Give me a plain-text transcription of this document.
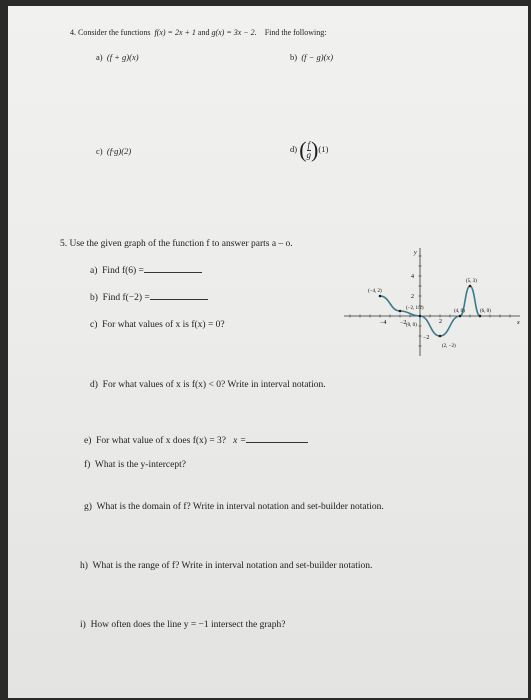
4. Consider the functions f(x) = 2x + 1 and g(x) = 3x − 2. Find the following:
a) (f + g)(x)	b) (f − g)(x)
c) (f·g)(2)	d) $(\frac{f}{g})(1)$
5. Use the given graph of the function f to answer parts a – o.
a) Find f(6) =
b) Find f(−2) =
c) For what values of x is f(x) = 0?
d) For what values of x is f(x) < 0? Write in interval notation.
e) For what value of x does f(x) = 3? x =
f) What is the y-intercept?
g) What is the domain of f? Write in interval notation and set-builder notation.
h) What is the range of f? Write in interval notation and set-builder notation.
i) How often does the line y = −1 intersect the graph?
y
x
−4 −2	2
4
2
−2
(−4, 2)
(−2, 1/2)
(0, 0)
(2, −2)
(4, 0)
(5, 3)
(6, 0)
